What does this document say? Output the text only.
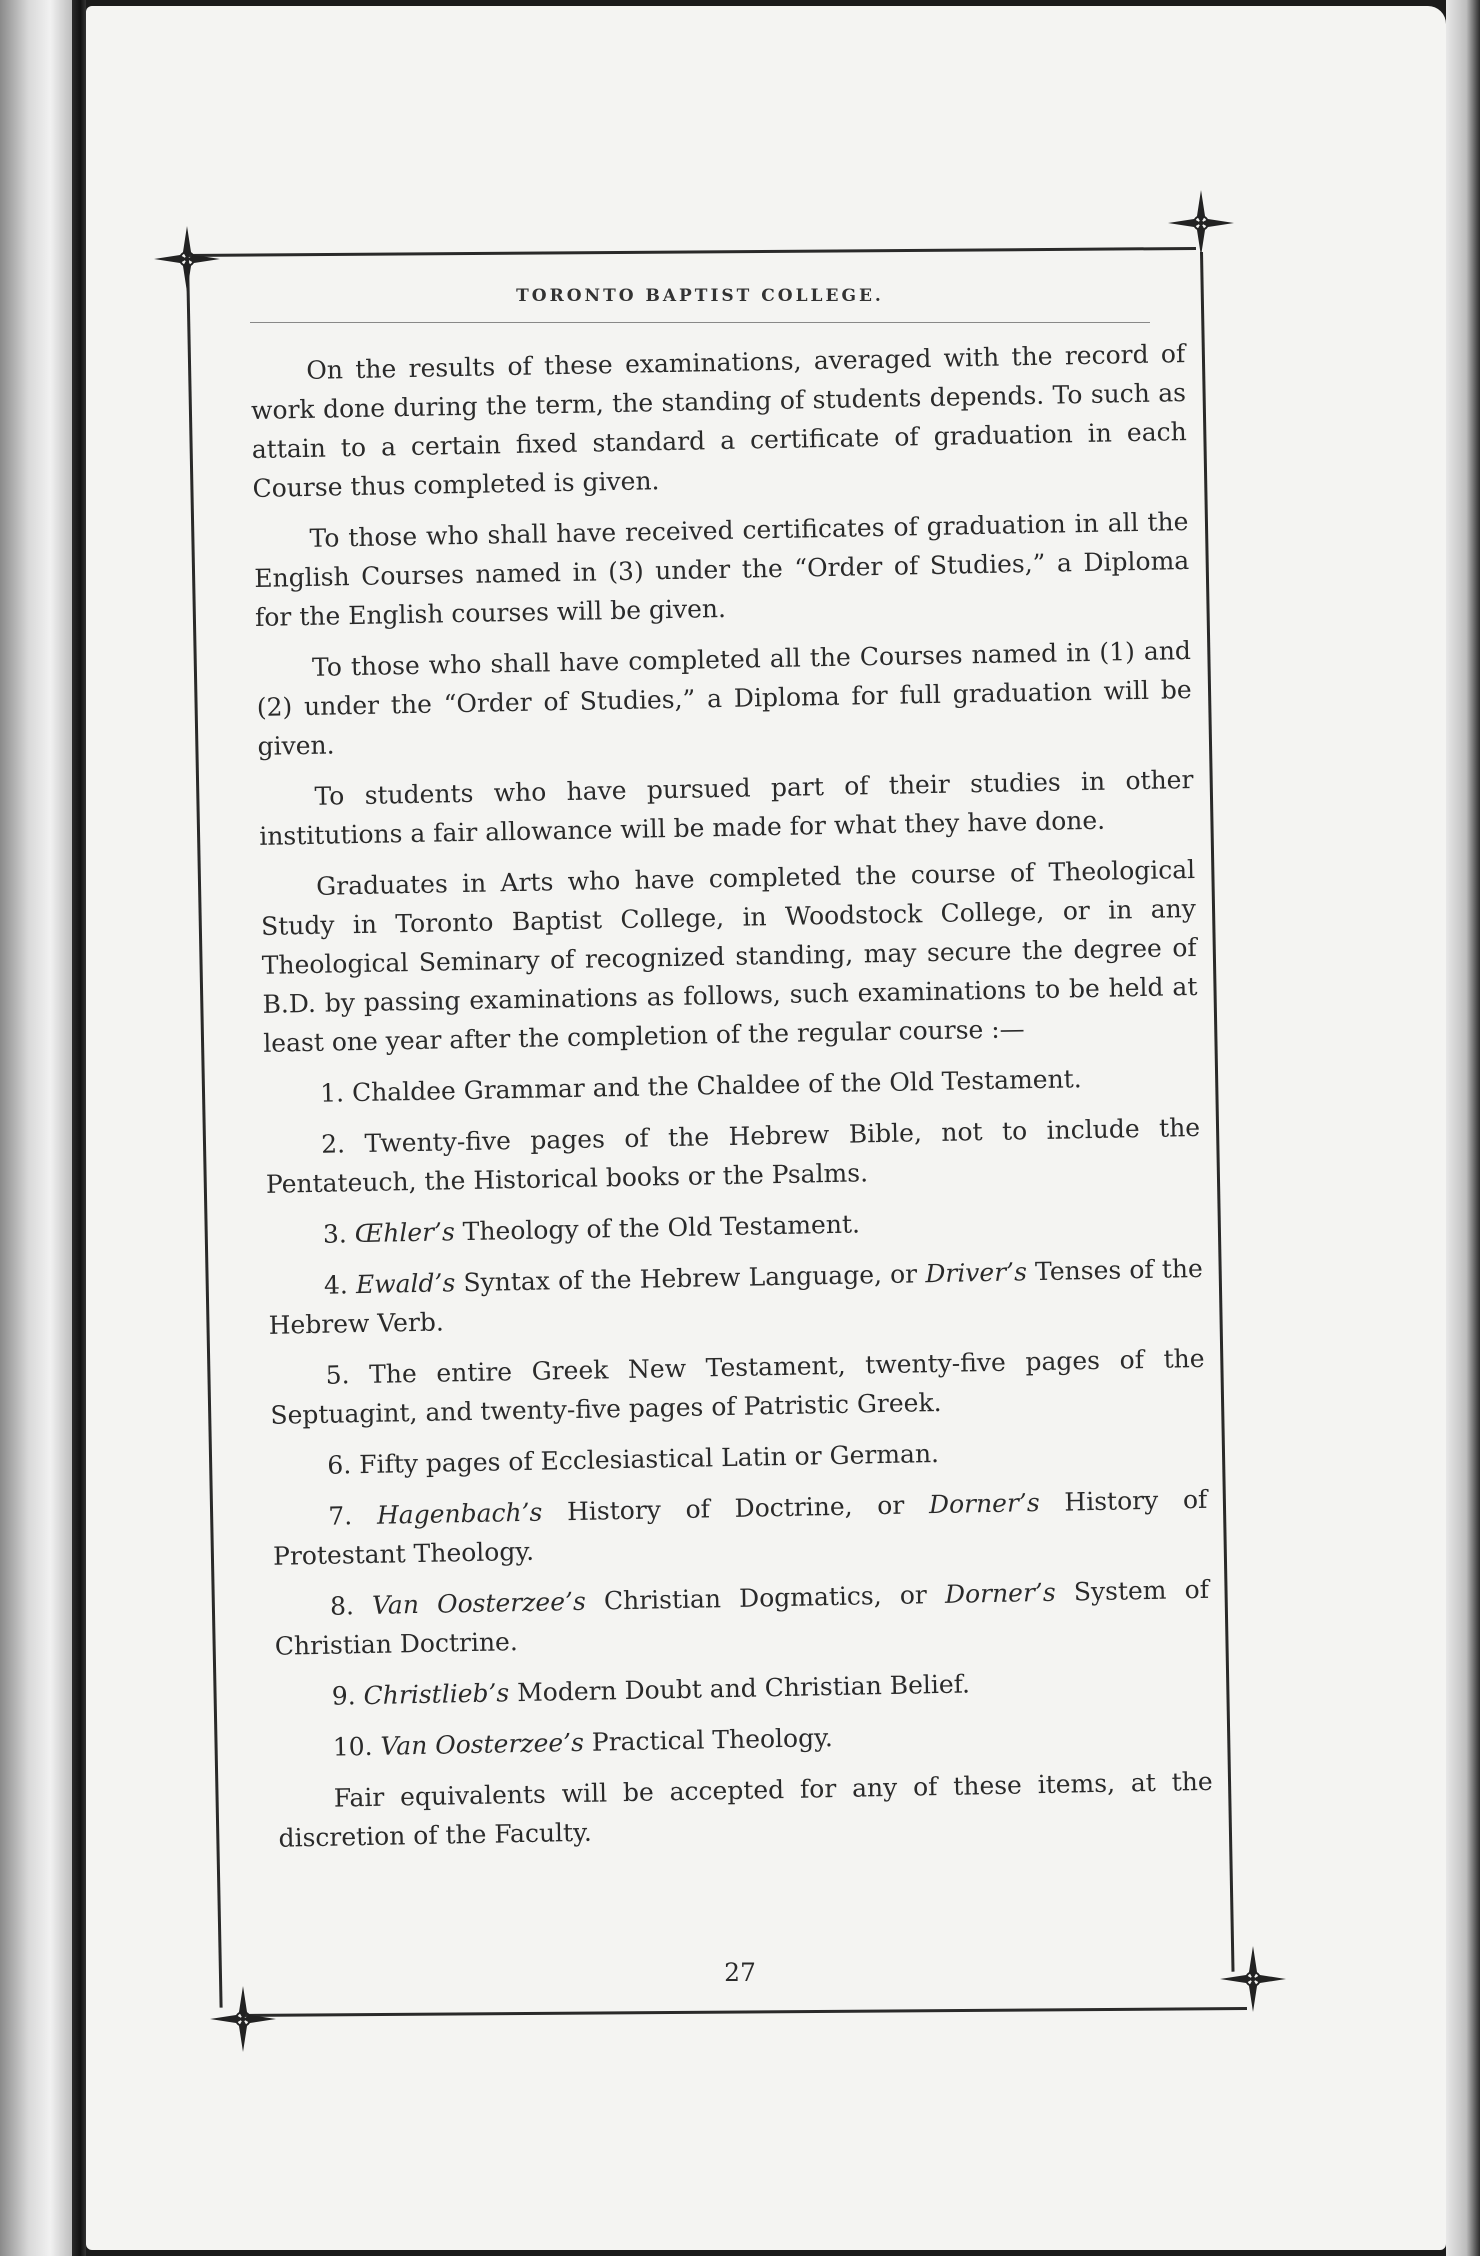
TORONTO BAPTIST COLLEGE.

On the results of these examinations, averaged with the record of work done during the term, the standing of students depends. To such as attain to a certain fixed standard a certificate of graduation in each Course thus completed is given.

To those who shall have received certificates of graduation in all the English Courses named in (3) under the “Order of Studies,” a Diploma for the English courses will be given.

To those who shall have completed all the Courses named in (1) and (2) under the “Order of Studies,” a Diploma for full graduation will be given.

To students who have pursued part of their studies in other institutions a fair allowance will be made for what they have done.

Graduates in Arts who have completed the course of Theological Study in Toronto Baptist College, in Woodstock College, or in any Theological Seminary of recognized standing, may secure the degree of B.D. by passing examinations as follows, such examinations to be held at least one year after the completion of the regular course :—

1. Chaldee Grammar and the Chaldee of the Old Testament.

2. Twenty-five pages of the Hebrew Bible, not to include the Pentateuch, the Historical books or the Psalms.

3. Œhler’s Theology of the Old Testament.

4. Ewald’s Syntax of the Hebrew Language, or Driver’s Tenses of the Hebrew Verb.

5. The entire Greek New Testament, twenty-five pages of the Septuagint, and twenty-five pages of Patristic Greek.

6. Fifty pages of Ecclesiastical Latin or German.

7. Hagenbach’s History of Doctrine, or Dorner’s History of Protestant Theology.

8. Van Oosterzee’s Christian Dogmatics, or Dorner’s System of Christian Doctrine.

9. Christlieb’s Modern Doubt and Christian Belief.

10. Van Oosterzee’s Practical Theology.

Fair equivalents will be accepted for any of these items, at the discretion of the Faculty.

27
